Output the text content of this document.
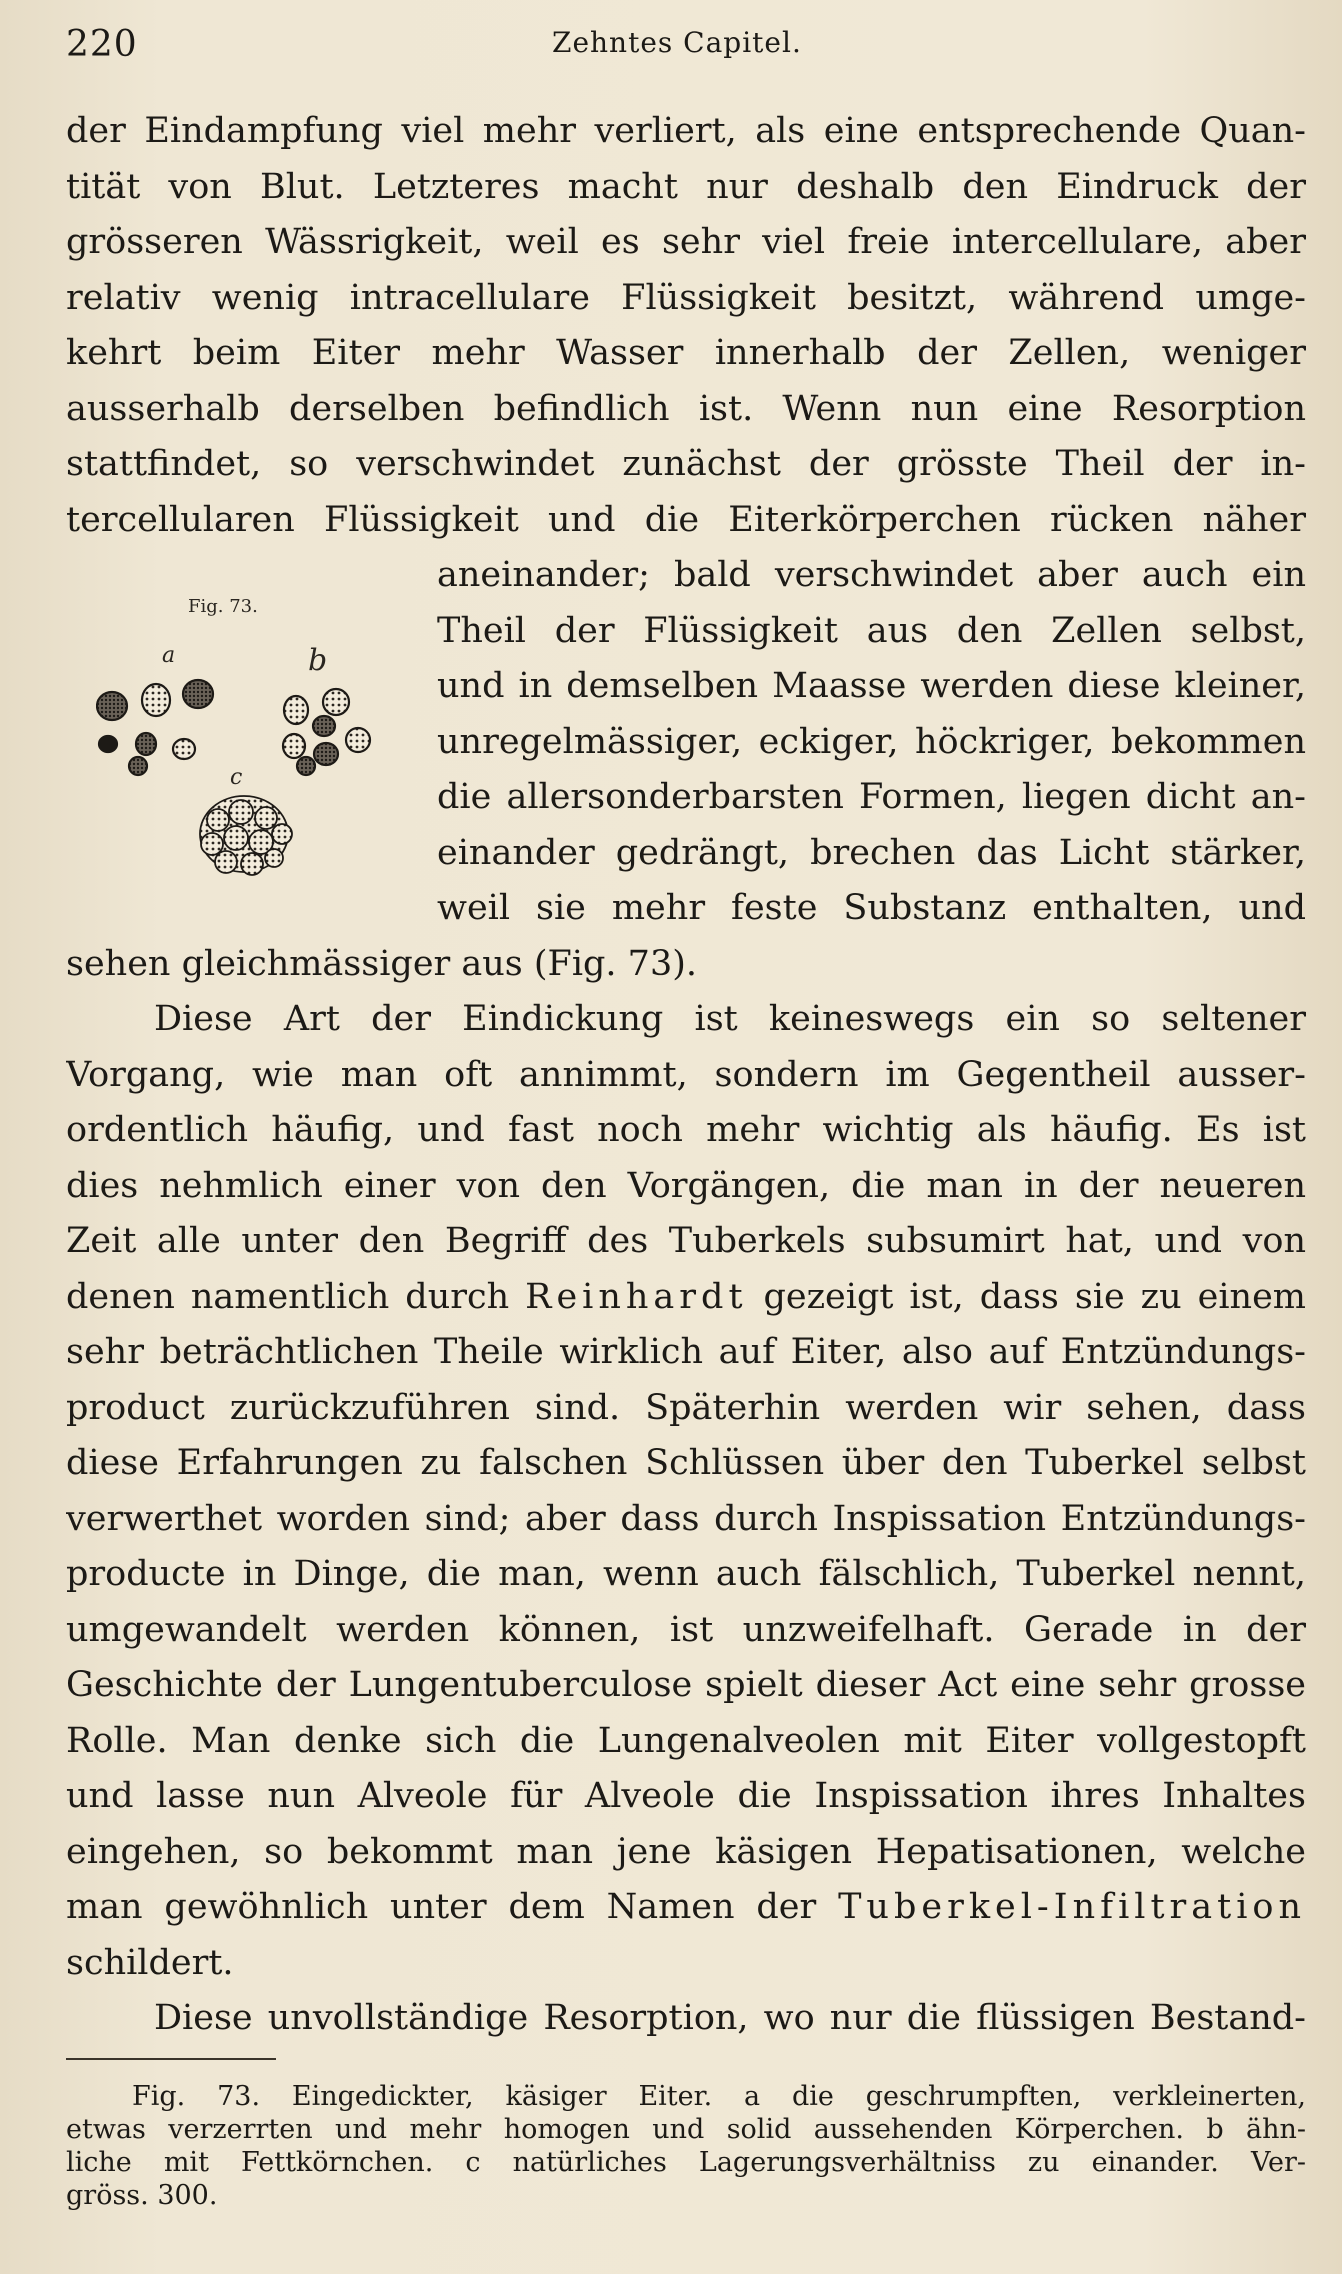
220	Zehntes Capitel.
der Eindampfung viel mehr verliert, als eine entsprechende Quan-
tität von Blut. Letzteres macht nur deshalb den Eindruck der
grösseren Wässrigkeit, weil es sehr viel freie intercellulare, aber
relativ wenig intracellulare Flüssigkeit besitzt, während umge-
kehrt beim Eiter mehr Wasser innerhalb der Zellen, weniger
ausserhalb derselben befindlich ist. Wenn nun eine Resorption
stattfindet, so verschwindet zunächst der grösste Theil der in-
tercellularen Flüssigkeit und die Eiterkörperchen rücken näher
aneinander; bald verschwindet aber auch ein
Theil der Flüssigkeit aus den Zellen selbst,
und in demselben Maasse werden diese kleiner,
unregelmässiger, eckiger, höckriger, bekommen
die allersonderbarsten Formen, liegen dicht an-
einander gedrängt, brechen das Licht stärker,
weil sie mehr feste Substanz enthalten, und
sehen gleichmässiger aus (Fig. 73).
Diese Art der Eindickung ist keineswegs ein so seltener
Vorgang, wie man oft annimmt, sondern im Gegentheil ausser-
ordentlich häufig, und fast noch mehr wichtig als häufig. Es ist
dies nehmlich einer von den Vorgängen, die man in der neueren
Zeit alle unter den Begriff des Tuberkels subsumirt hat, und von
denen namentlich durch Reinhardt gezeigt ist, dass sie zu einem
sehr beträchtlichen Theile wirklich auf Eiter, also auf Entzündungs-
product zurückzuführen sind. Späterhin werden wir sehen, dass
diese Erfahrungen zu falschen Schlüssen über den Tuberkel selbst
verwerthet worden sind; aber dass durch Inspissation Entzündungs-
producte in Dinge, die man, wenn auch fälschlich, Tuberkel nennt,
umgewandelt werden können, ist unzweifelhaft. Gerade in der
Geschichte der Lungentuberculose spielt dieser Act eine sehr grosse
Rolle. Man denke sich die Lungenalveolen mit Eiter vollgestopft
und lasse nun Alveole für Alveole die Inspissation ihres Inhaltes
eingehen, so bekommt man jene käsigen Hepatisationen, welche
man gewöhnlich unter dem Namen der Tuberkel-Infiltration
schildert.
Diese unvollständige Resorption, wo nur die flüssigen Bestand-
Fig. 73.
a	b
c
Fig. 73. Eingedickter, käsiger Eiter. a die geschrumpften, verkleinerten,
etwas verzerrten und mehr homogen und solid aussehenden Körperchen. b ähn-
liche mit Fettkörnchen. c natürliches Lagerungsverhältniss zu einander. Ver-
gröss. 300.
